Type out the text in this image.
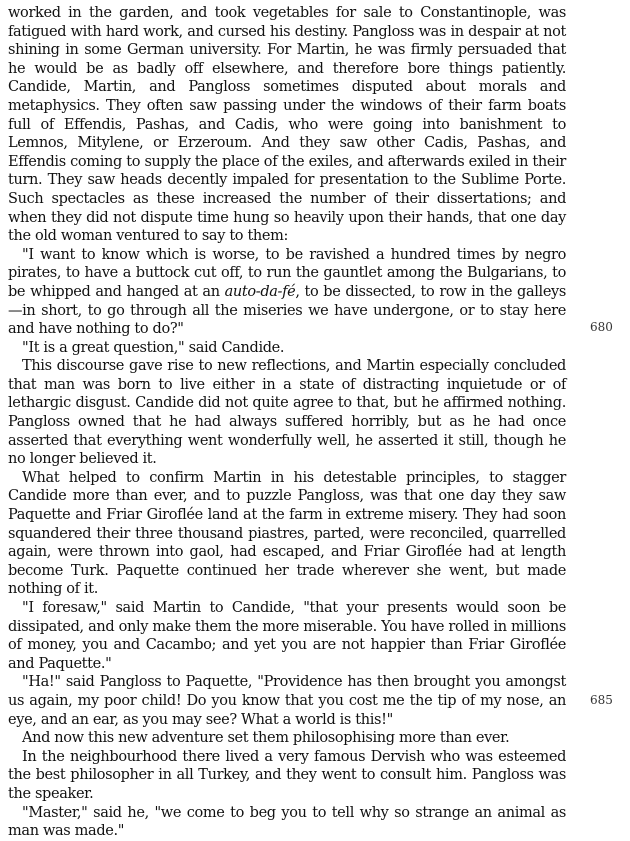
worked in the garden, and took vegetables for sale to Constantinople, was fatigued with hard work, and cursed his destiny. Pangloss was in despair at not shining in some German university. For Martin, he was firmly persuaded that he would be as badly off elsewhere, and therefore bore things patiently. Candide, Martin, and Pangloss sometimes disputed about morals and metaphysics. They often saw passing under the windows of their farm boats full of Effendis, Pashas, and Cadis, who were going into banishment to Lemnos, Mitylene, or Erzeroum. And they saw other Cadis, Pashas, and Effendis coming to supply the place of the exiles, and afterwards exiled in their turn. They saw heads decently impaled for presentation to the Sublime Porte. Such spectacles as these increased the number of their dissertations; and when they did not dispute time hung so heavily upon their hands, that one day the old woman ventured to say to them:

"I want to know which is worse, to be ravished a hundred times by negro pirates, to have a buttock cut off, to run the gauntlet among the Bulgarians, to be whipped and hanged at an auto-da-fé, to be dissected, to row in the galleys—in short, to go through all the miseries we have undergone, or to stay here and have nothing to do?"

"It is a great question," said Candide.

This discourse gave rise to new reflections, and Martin especially concluded that man was born to live either in a state of distracting inquietude or of lethargic disgust. Candide did not quite agree to that, but he affirmed nothing. Pangloss owned that he had always suffered horribly, but as he had once asserted that everything went wonderfully well, he asserted it still, though he no longer believed it.

What helped to confirm Martin in his detestable principles, to stagger Candide more than ever, and to puzzle Pangloss, was that one day they saw Paquette and Friar Giroflée land at the farm in extreme misery. They had soon squandered their three thousand piastres, parted, were reconciled, quarrelled again, were thrown into gaol, had escaped, and Friar Giroflée had at length become Turk. Paquette continued her trade wherever she went, but made nothing of it.

"I foresaw," said Martin to Candide, "that your presents would soon be dissipated, and only make them the more miserable. You have rolled in millions of money, you and Cacambo; and yet you are not happier than Friar Giroflée and Paquette."

"Ha!" said Pangloss to Paquette, "Providence has then brought you amongst us again, my poor child! Do you know that you cost me the tip of my nose, an eye, and an ear, as you may see? What a world is this!"

And now this new adventure set them philosophising more than ever.

In the neighbourhood there lived a very famous Dervish who was esteemed the best philosopher in all Turkey, and they went to consult him. Pangloss was the speaker.

"Master," said he, "we come to beg you to tell why so strange an animal as man was made."

680
685
